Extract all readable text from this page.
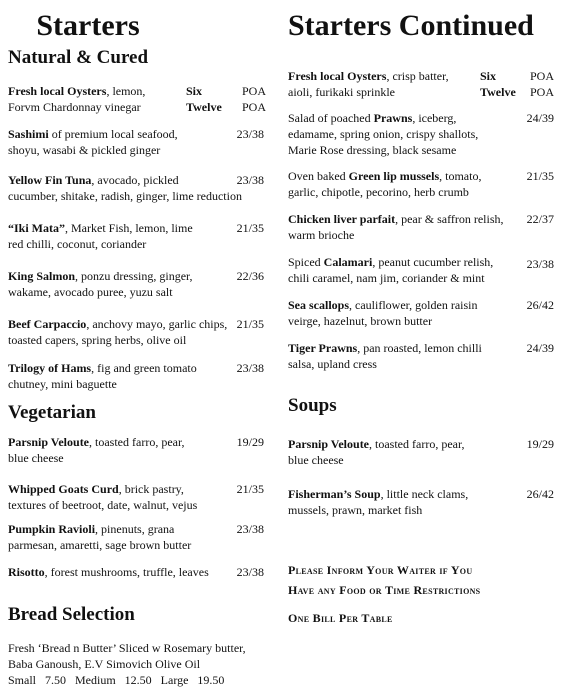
Starters
Natural & Cured
Fresh local Oysters, lemon,
Forvm Chardonnay vinegar
Six
Twelve
POA
POA
Sashimi of premium local seafood,
shoyu, wasabi & pickled ginger
23/38
Yellow Fin Tuna, avocado, pickled
cucumber, shitake, radish, ginger, lime reduction
23/38
“Iki Mata”, Market Fish, lemon, lime
red chilli, coconut, coriander
21/35
King Salmon, ponzu dressing, ginger,
wakame, avocado puree, yuzu salt
22/36
Beef Carpaccio, anchovy mayo, garlic chips,
toasted capers, spring herbs, olive oil
21/35
Trilogy of Hams, fig and green tomato
chutney, mini baguette
23/38
Vegetarian
Parsnip Veloute, toasted farro, pear,
blue cheese
19/29
Whipped Goats Curd, brick pastry,
textures of beetroot, date, walnut, vejus
21/35
Pumpkin Ravioli, pinenuts, grana
parmesan, amaretti, sage brown butter
23/38
Risotto, forest mushrooms, truffle, leaves	23/38
Bread Selection
Fresh ‘Bread n Butter’ Sliced w Rosemary butter,
Baba Ganoush, E.V Simovich Olive Oil
Small   7.50   Medium   12.50   Large   19.50
Starters Continued
Fresh local Oysters, crisp batter,
aioli, furikaki sprinkle
Six
Twelve
POA
POA
Salad of poached Prawns, iceberg,
edamame, spring onion, crispy shallots,
Marie Rose dressing, black sesame
24/39
Oven baked Green lip mussels, tomato,
garlic, chipotle, pecorino, herb crumb
21/35
Chicken liver parfait, pear & saffron relish,
warm brioche
22/37
Spiced Calamari, peanut cucumber relish,
chili caramel, nam jim, coriander & mint
23/38
Sea scallops, cauliflower, golden raisin
veirge, hazelnut, brown butter
26/42
Tiger Prawns, pan roasted, lemon chilli
salsa, upland cress
24/39
Soups
Parsnip Veloute, toasted farro, pear,
blue cheese
19/29
Fisherman’s Soup, little neck clams,
mussels, prawn, market fish
26/42
Please Inform Your Waiter if You
Have any Food or Time Restrictions
One Bill Per Table
